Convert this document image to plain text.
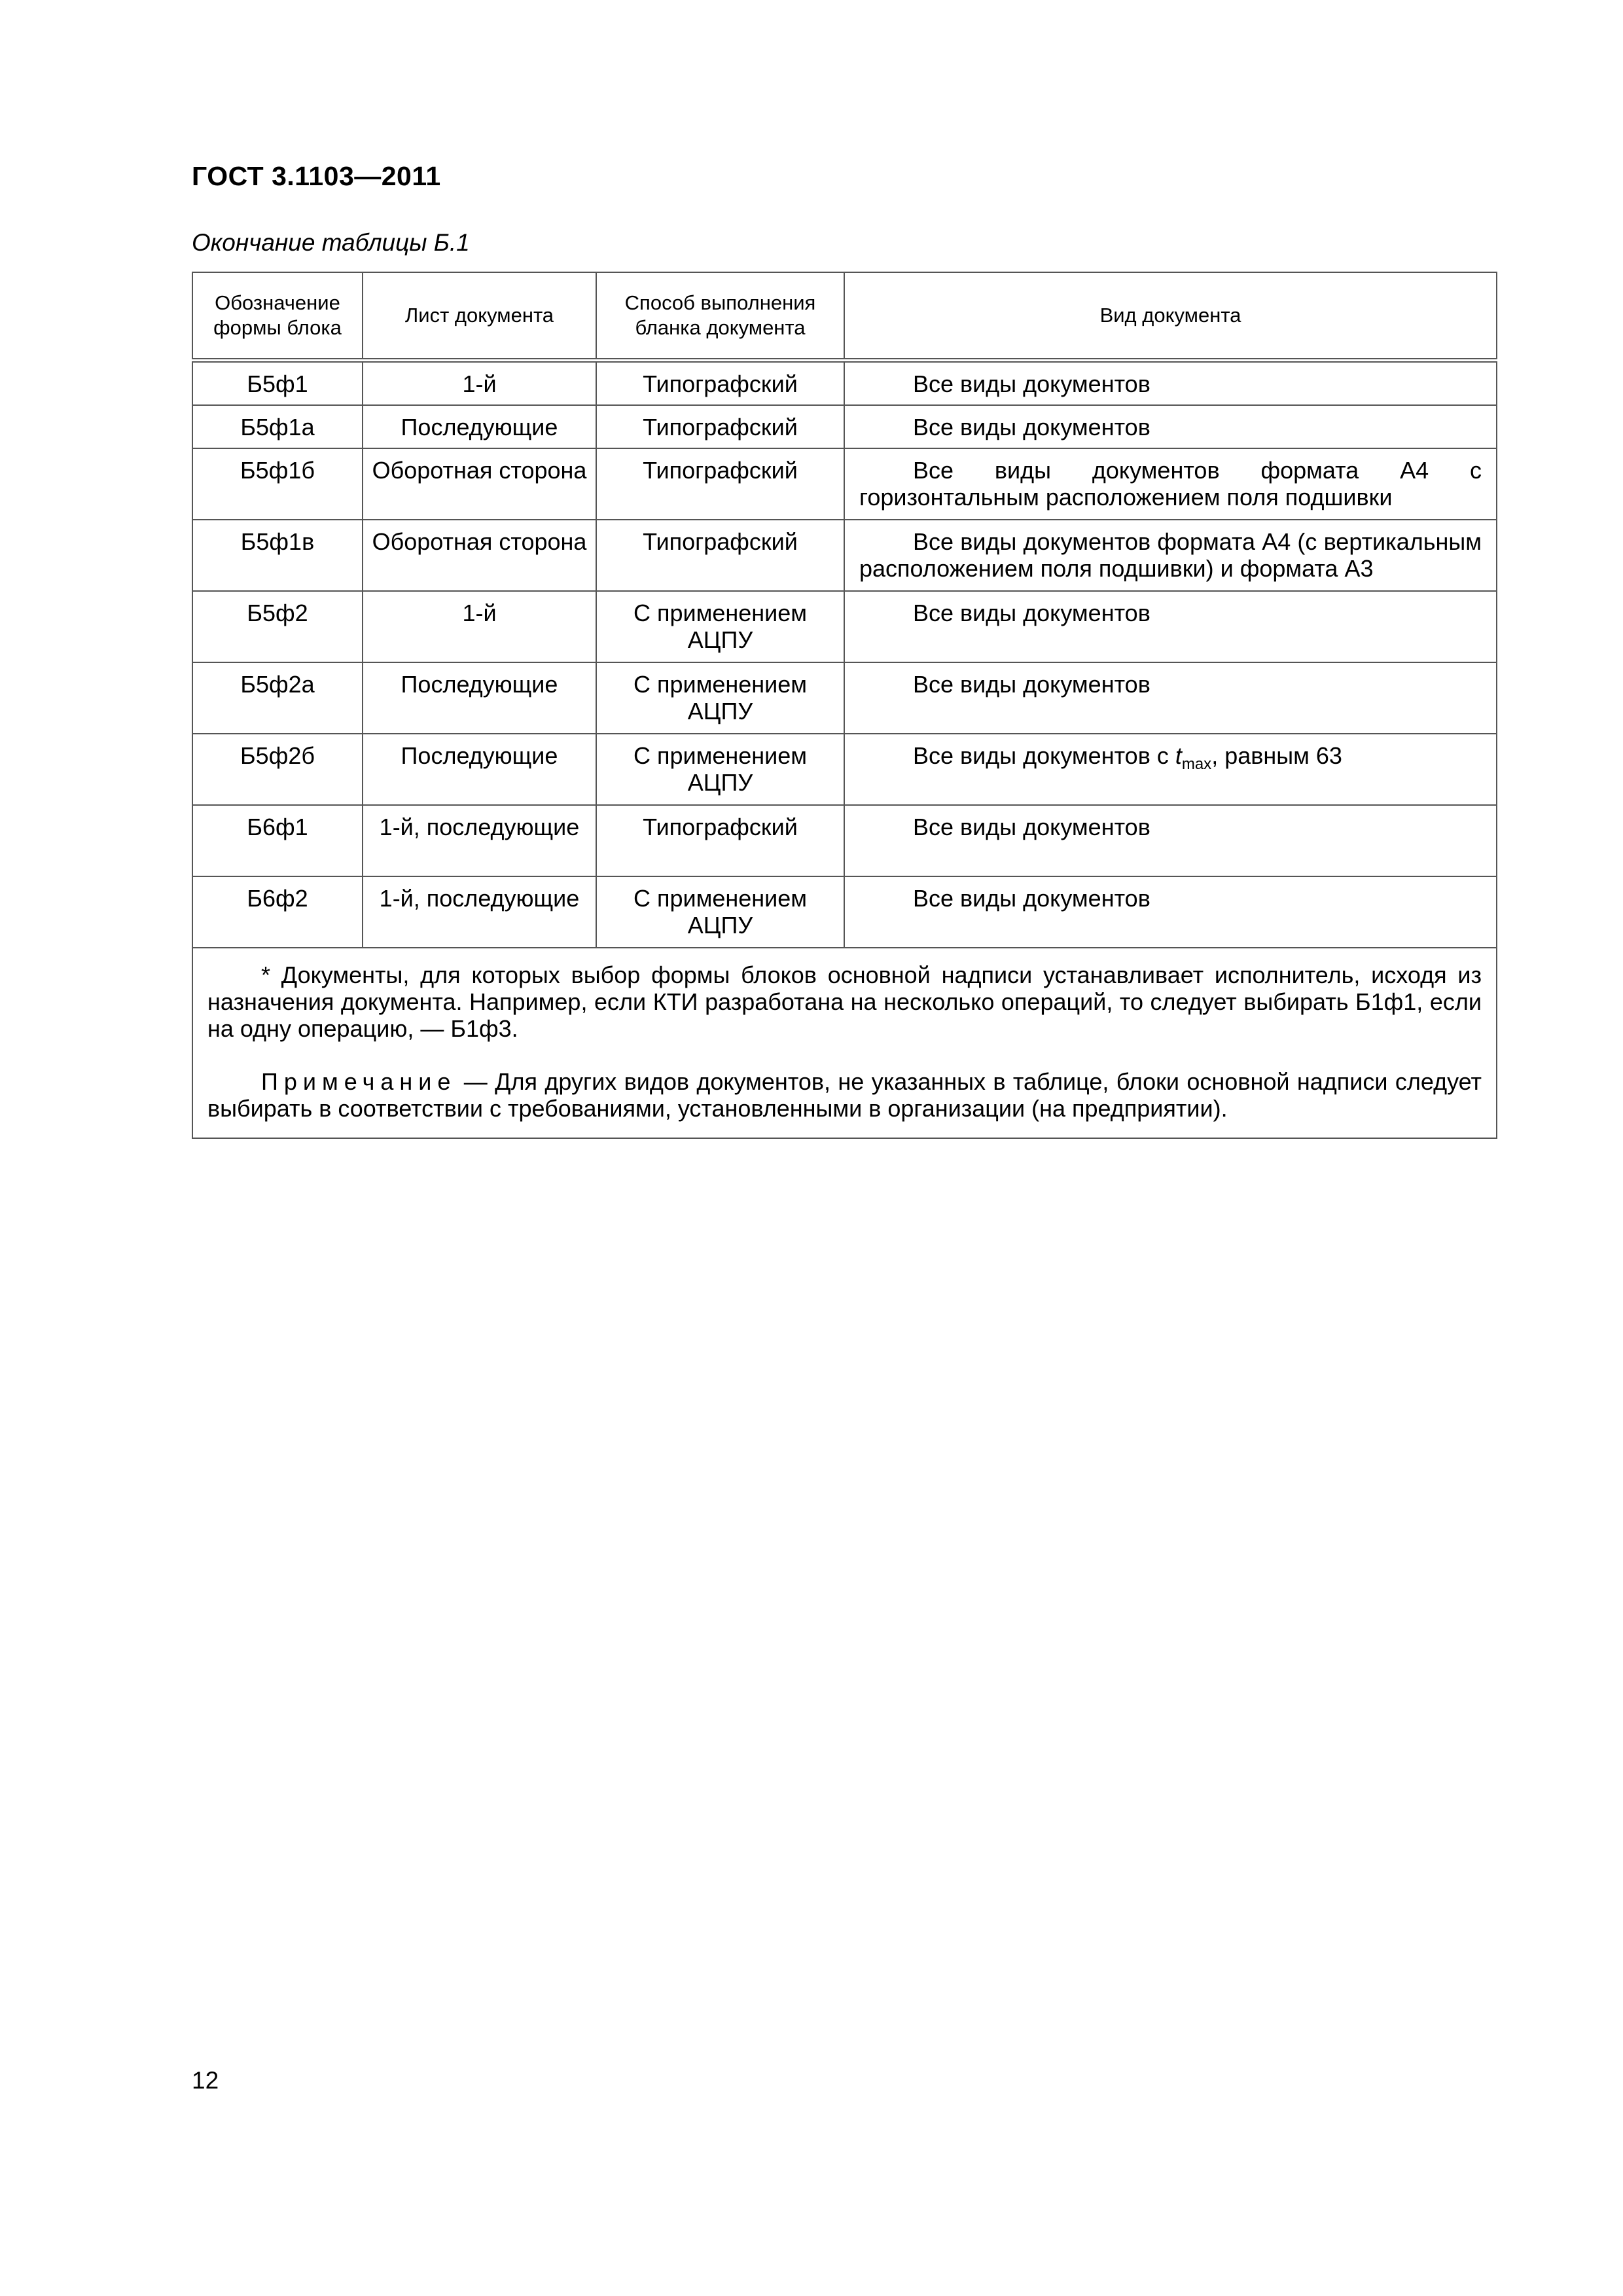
ГОСТ 3.1103—2011
Окончание таблицы Б.1
Обозначение формы блока	Лист документа	Способ выполнения бланка документа	Вид документа
Б5ф1	1-й	Типографский	Все виды документов
Б5ф1а	Последующие	Типографский	Все виды документов
Б5ф1б	Оборотная сторона	Типографский	Все виды документов формата А4 с горизонтальным расположением поля подшивки
Б5ф1в	Оборотная сторона	Типографский	Все виды документов формата А4 (с вертикальным расположением поля подшивки) и формата А3
Б5ф2	1-й	С применением АЦПУ	Все виды документов
Б5ф2а	Последующие	С применением АЦПУ	Все виды документов
Б5ф2б	Последующие	С применением АЦПУ	Все виды документов с $t_{max}$, равным 63
Б6ф1	1-й, последующие	Типографский	Все виды документов
Б6ф2	1-й, последующие	С применением АЦПУ	Все виды документов

* Документы, для которых выбор формы блоков основной надписи устанавливает исполнитель, исходя из назначения документа. Например, если КТИ разработана на несколько операций, то следует выбирать Б1ф1, если на одну операцию, — Б1ф3.

Примечание — Для других видов документов, не указанных в таблице, блоки основной надписи следует выбирать в соответствии с требованиями, установленными в организации (на предприятии).			

12
